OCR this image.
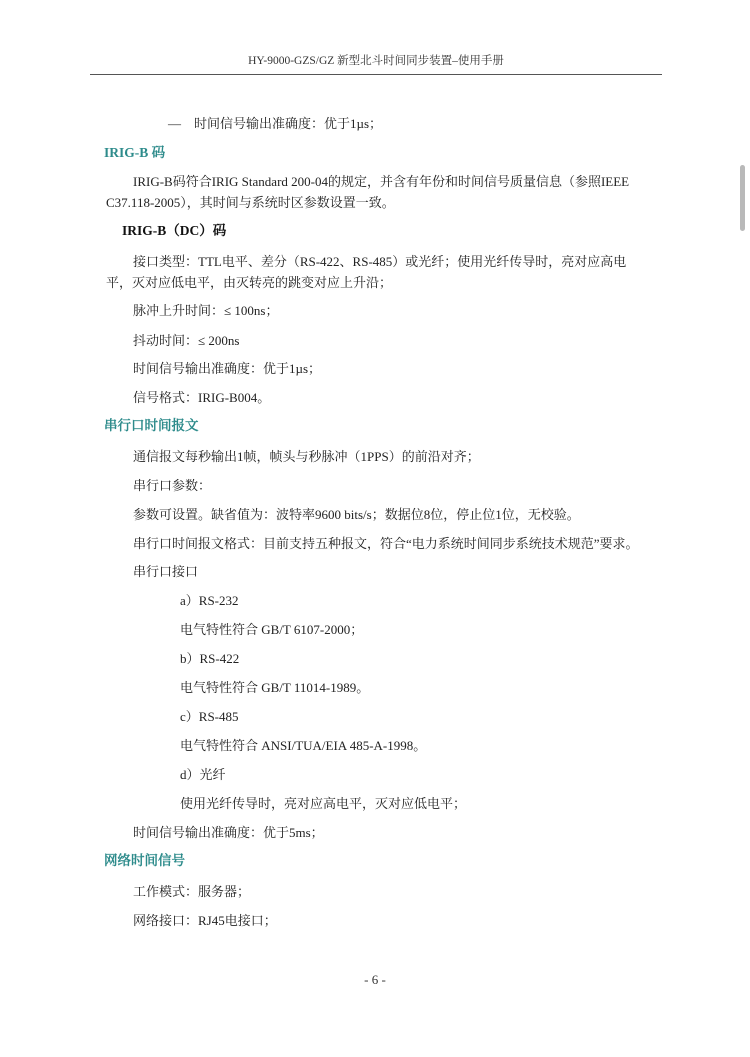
HY-9000-GZS/GZ 新型北斗时间同步装置–使用手册
—　时间信号输出准确度：优于1µs；
IRIG-B 码
IRIG-B码符合IRIG Standard 200-04的规定，并含有年份和时间信号质量信息（参照IEEE
C37.118-2005），其时间与系统时区参数设置一致。
IRIG-B（DC）码
接口类型：TTL电平、差分（RS-422、RS-485）或光纤；使用光纤传导时，亮对应高电
平，灭对应低电平，由灭转亮的跳变对应上升沿；
脉冲上升时间：≤ 100ns；
抖动时间：≤ 200ns
时间信号输出准确度：优于1µs；
信号格式：IRIG-B004。
串行口时间报文
通信报文每秒输出1帧，帧头与秒脉冲（1PPS）的前沿对齐；
串行口参数：
参数可设置。缺省值为：波特率9600 bits/s；数据位8位，停止位1位，无校验。
串行口时间报文格式：目前支持五种报文，符合“电力系统时间同步系统技术规范”要求。
串行口接口
a）RS-232
电气特性符合 GB/T 6107-2000；
b）RS-422
电气特性符合 GB/T 11014-1989。
c）RS-485
电气特性符合 ANSI/TUA/EIA 485-A-1998。
d）光纤
使用光纤传导时，亮对应高电平，灭对应低电平；
时间信号输出准确度：优于5ms；
网络时间信号
工作模式：服务器；
网络接口：RJ45电接口；
- 6 -
